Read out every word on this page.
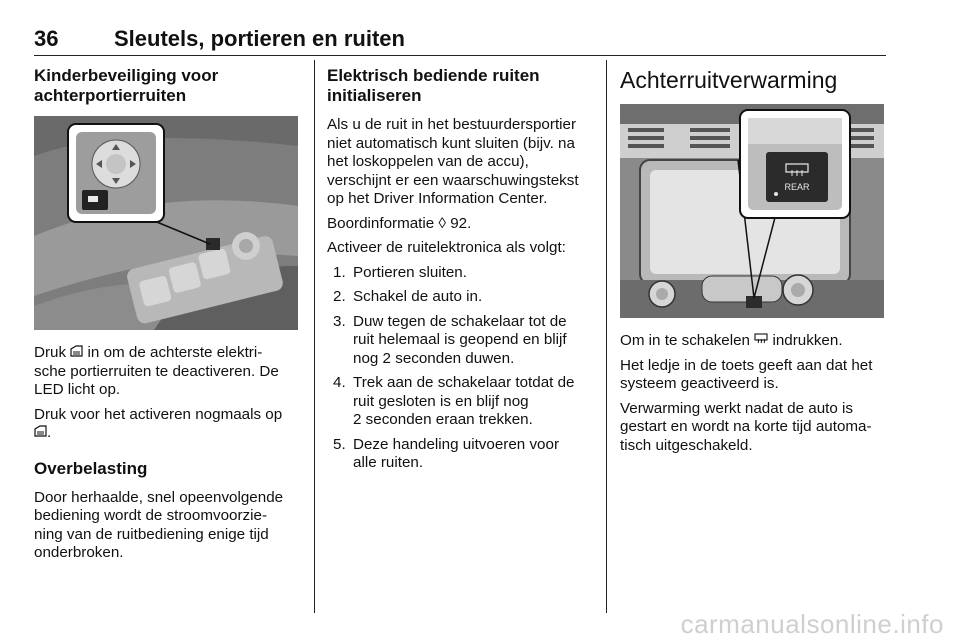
36	Sleutels, portieren en ruiten
Kinderbeveiliging voor
achterportierruiten

Druk in om de achterste elektri-
sche portierruiten te deactiveren. De
LED licht op.

Druk voor het activeren nogmaals op
.

Overbelasting

Door herhaalde, snel opeenvolgende
bediening wordt de stroomvoorzie-
ning van de ruitbediening enige tijd
onderbroken.

Elektrisch bediende ruiten
initialiseren

Als u de ruit in het bestuurdersportier
niet automatisch kunt sluiten (bijv. na
het loskoppelen van de accu),
verschijnt er een waarschuwingstekst
op het Driver Information Center.

Boordinformatie ◊ 92.

Activeer de ruitelektronica als volgt:

1. Portieren sluiten.
2. Schakel de auto in.
3. Duw tegen de schakelaar tot de
ruit helemaal is geopend en blijf
nog 2 seconden duwen.
4. Trek aan de schakelaar totdat de
ruit gesloten is en blijf nog
2 seconden eraan trekken.
5. Deze handeling uitvoeren voor
alle ruiten.
Achterruitverwarming
REAR

Om in te schakelen indrukken.

Het ledje in de toets geeft aan dat het
systeem geactiveerd is.

Verwarming werkt nadat de auto is
gestart en wordt na korte tijd automa-
tisch uitgeschakeld.

carmanualsonline.info
